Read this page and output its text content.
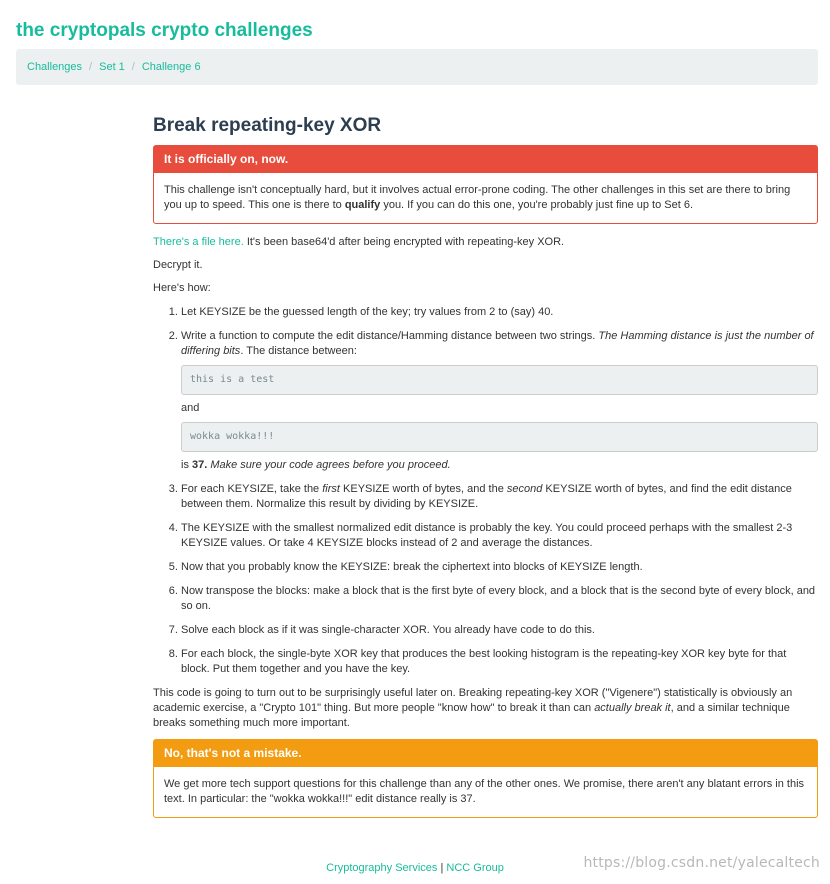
the cryptopals crypto challenges
Challenges / Set 1 / Challenge 6
Break repeating-key XOR
It is officially on, now.

This challenge isn't conceptually hard, but it involves actual error-prone coding. The other challenges in this set are there to bring you up to speed. This one is there to qualify you. If you can do this one, you're probably just fine up to Set 6.

There's a file here. It's been base64'd after being encrypted with repeating-key XOR.

Decrypt it.

Here's how:

1. Let KEYSIZE be the guessed length of the key; try values from 2 to (say) 40.

2. Write a function to compute the edit distance/Hamming distance between two strings. The Hamming distance is just the number of differing bits. The distance between:

this is a test

and

wokka wokka!!!

is 37. Make sure your code agrees before you proceed.

3. For each KEYSIZE, take the first KEYSIZE worth of bytes, and the second KEYSIZE worth of bytes, and find the edit distance between them. Normalize this result by dividing by KEYSIZE.
4. The KEYSIZE with the smallest normalized edit distance is probably the key. You could proceed perhaps with the smallest 2-3 KEYSIZE values. Or take 4 KEYSIZE blocks instead of 2 and average the distances.
5. Now that you probably know the KEYSIZE: break the ciphertext into blocks of KEYSIZE length.
6. Now transpose the blocks: make a block that is the first byte of every block, and a block that is the second byte of every block, and so on.
7. Solve each block as if it was single-character XOR. You already have code to do this.
8. For each block, the single-byte XOR key that produces the best looking histogram is the repeating-key XOR key byte for that block. Put them together and you have the key.

This code is going to turn out to be surprisingly useful later on. Breaking repeating-key XOR ("Vigenere") statistically is obviously an academic exercise, a "Crypto 101" thing. But more people "know how" to break it than can actually break it, and a similar technique breaks something much more important.

No, that's not a mistake.

We get more tech support questions for this challenge than any of the other ones. We promise, there aren't any blatant errors in this text. In particular: the "wokka wokka!!!" edit distance really is 37.

Cryptography Services | NCC Group	https://blog.csdn.net/yalecaltech
